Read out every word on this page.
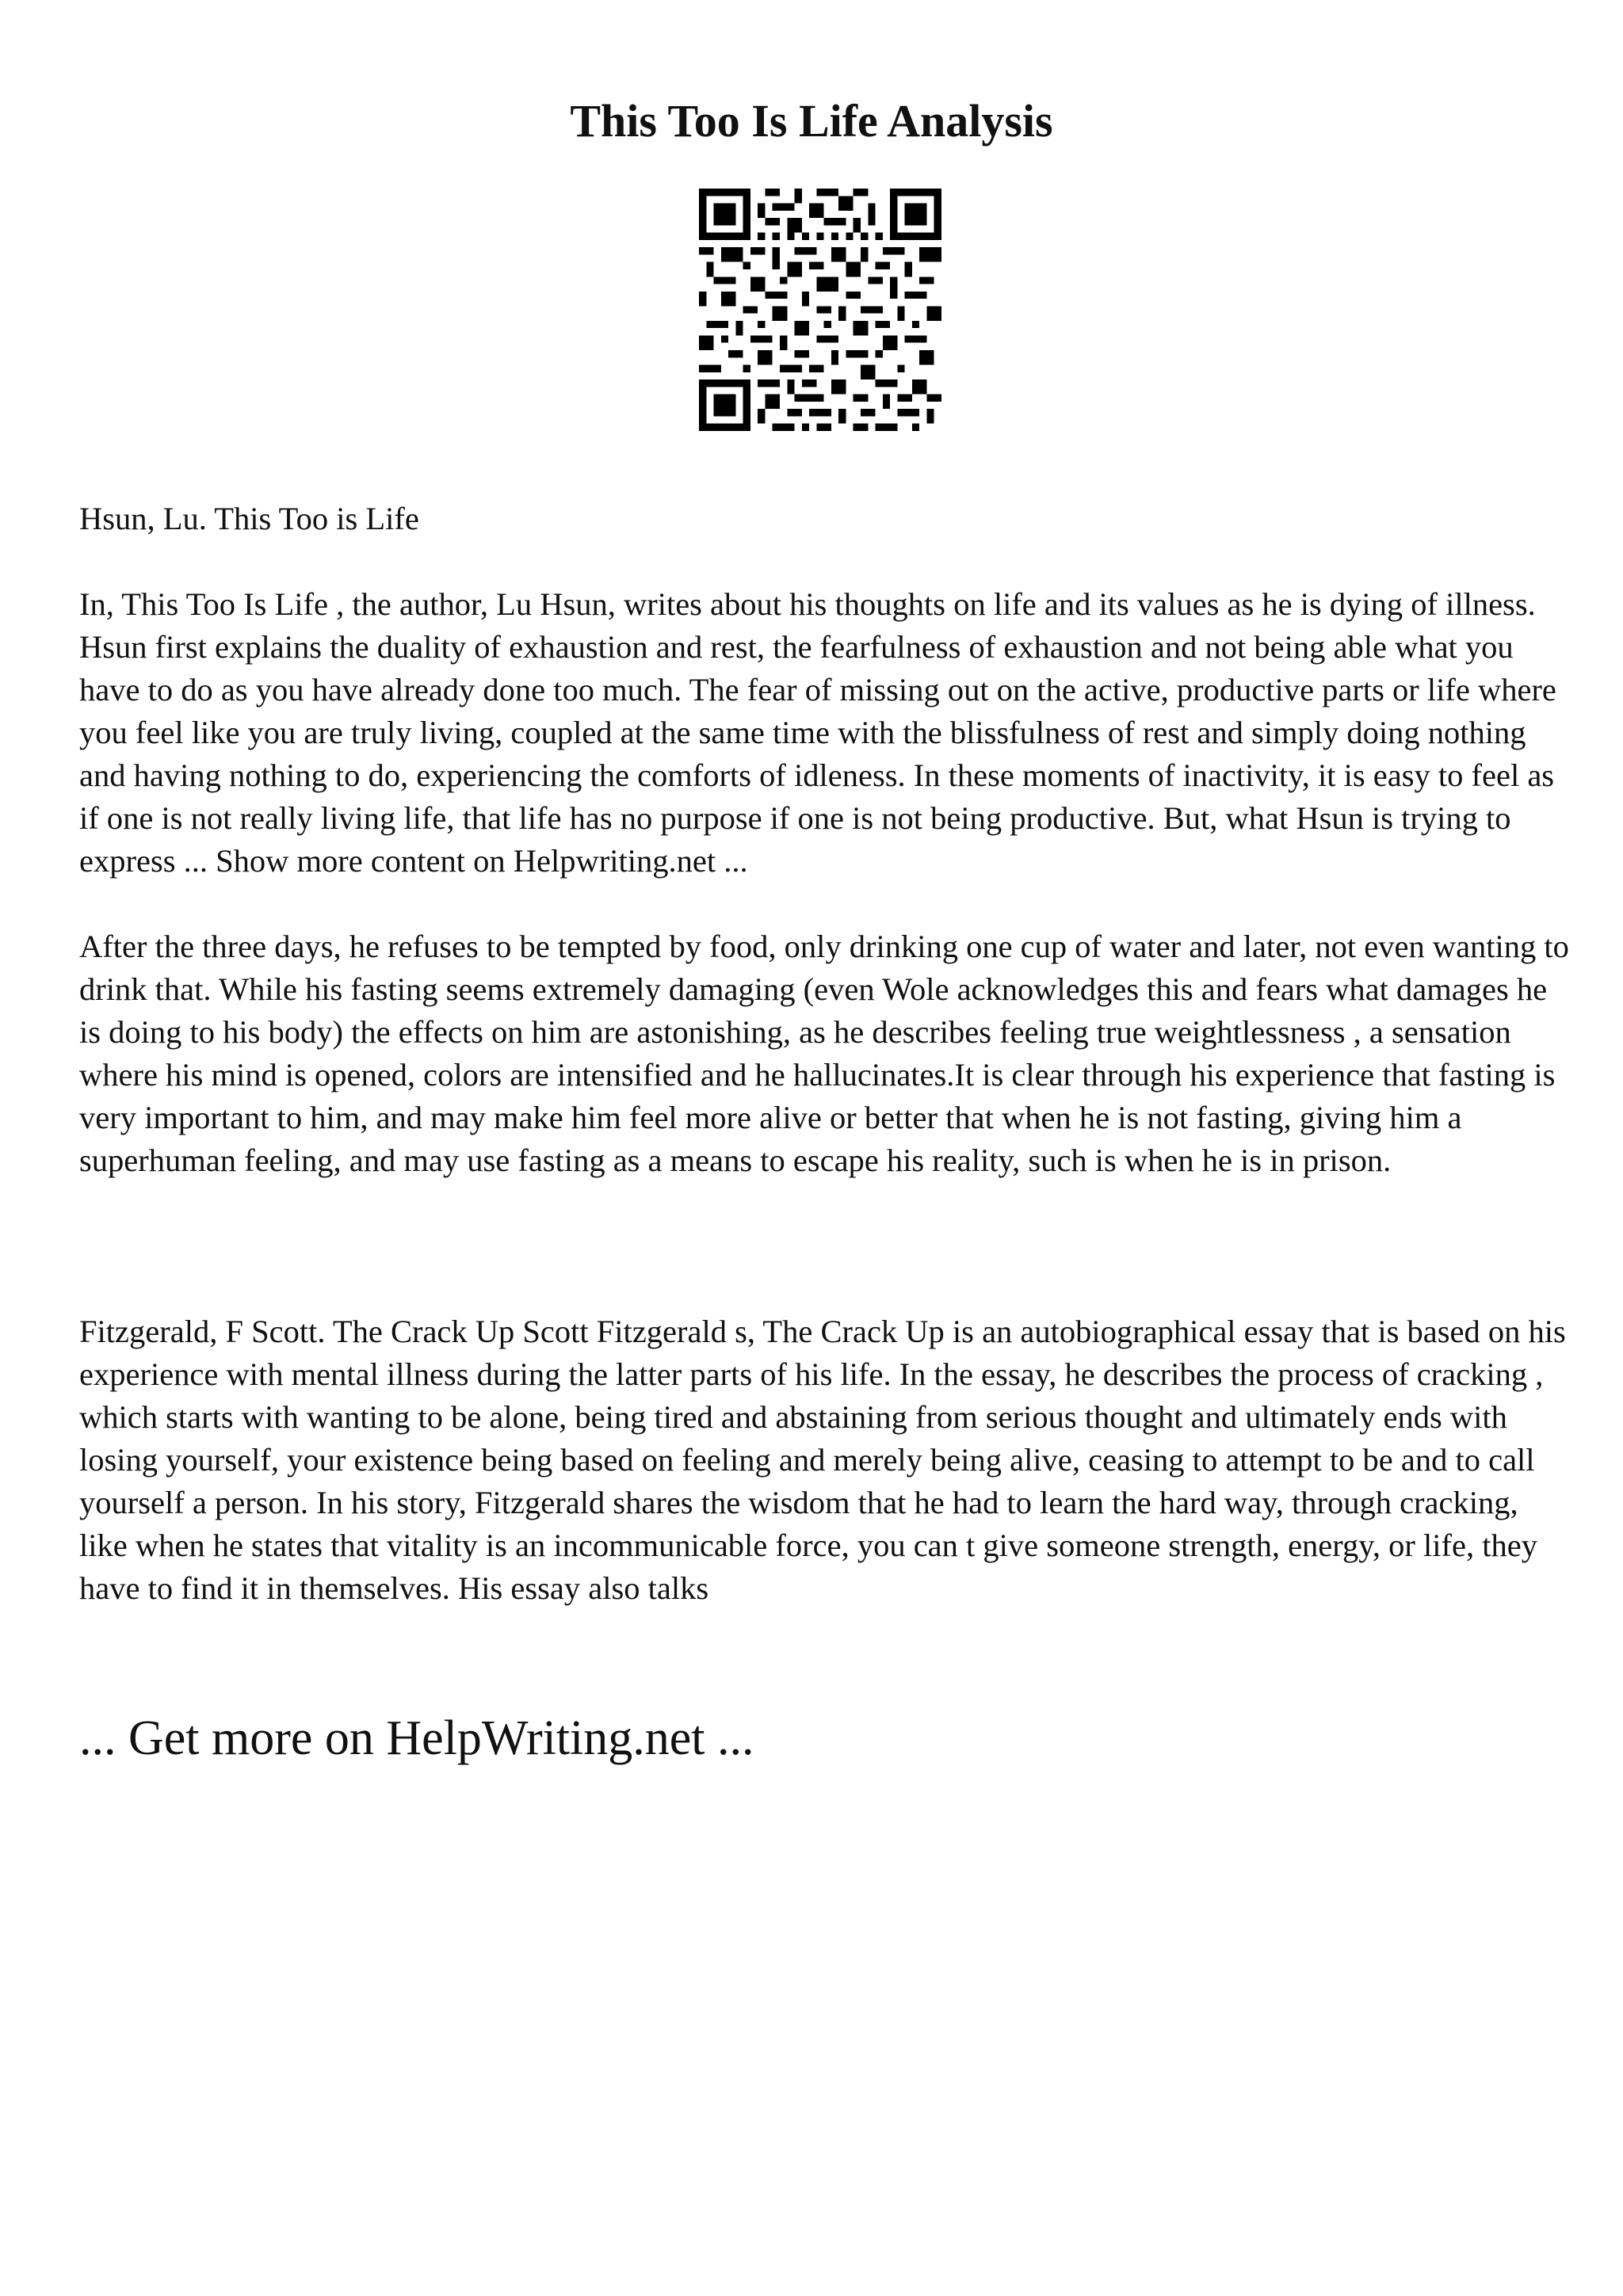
This Too Is Life Analysis

Hsun, Lu. This Too is Life

In, This Too Is Life , the author, Lu Hsun, writes about his thoughts on life and its values as he is dying of illness. Hsun first explains the duality of exhaustion and rest, the fearfulness of exhaustion and not being able what you have to do as you have already done too much. The fear of missing out on the active, productive parts or life where you feel like you are truly living, coupled at the same time with the blissfulness of rest and simply doing nothing and having nothing to do, experiencing the comforts of idleness. In these moments of inactivity, it is easy to feel as if one is not really living life, that life has no purpose if one is not being productive. But, what Hsun is trying to express ... Show more content on Helpwriting.net ...

After the three days, he refuses to be tempted by food, only drinking one cup of water and later, not even wanting to drink that. While his fasting seems extremely damaging (even Wole acknowledges this and fears what damages he is doing to his body) the effects on him are astonishing, as he describes feeling true weightlessness , a sensation where his mind is opened, colors are intensified and he hallucinates.It is clear through his experience that fasting is very important to him, and may make him feel more alive or better that when he is not fasting, giving him a superhuman feeling, and may use fasting as a means to escape his reality, such is when he is in prison.

Fitzgerald, F Scott. The Crack Up Scott Fitzgerald s, The Crack Up is an autobiographical essay that is based on his experience with mental illness during the latter parts of his life. In the essay, he describes the process of cracking , which starts with wanting to be alone, being tired and abstaining from serious thought and ultimately ends with losing yourself, your existence being based on feeling and merely being alive, ceasing to attempt to be and to call yourself a person. In his story, Fitzgerald shares the wisdom that he had to learn the hard way, through cracking, like when he states that vitality is an incommunicable force, you can t give someone strength, energy, or life, they have to find it in themselves. His essay also talks

... Get more on HelpWriting.net ...
